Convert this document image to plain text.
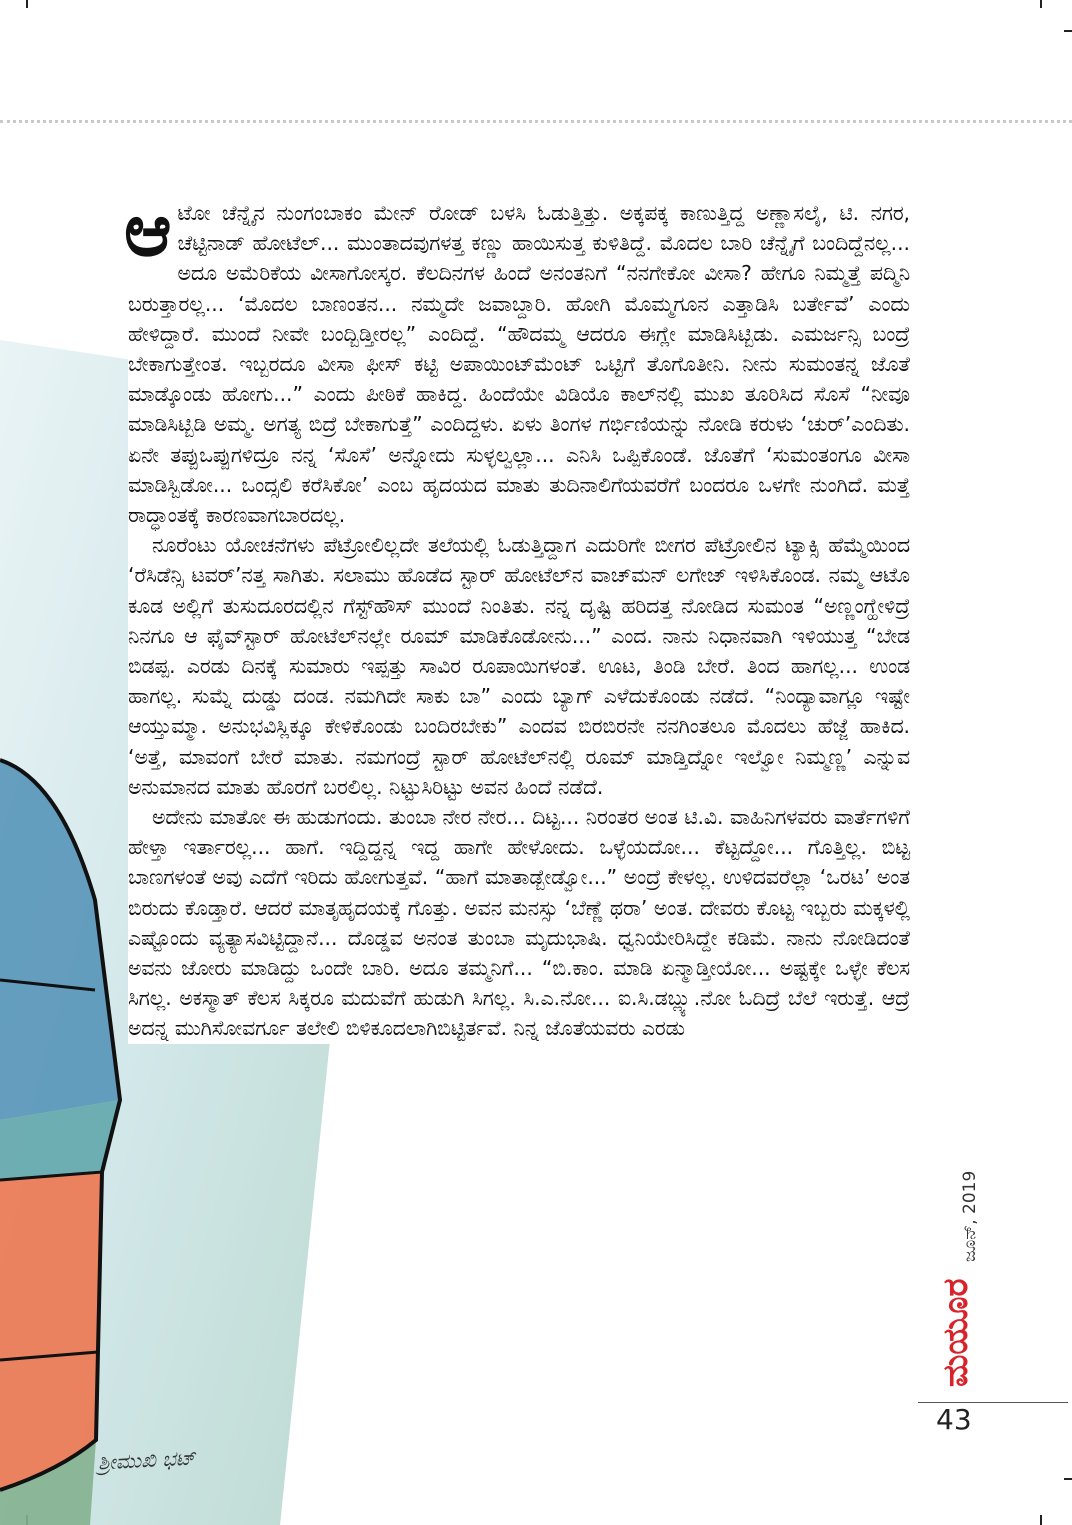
ಶ್ರೀಮುಖಿ ಭಟ್

ಆಟೋ ಚೆನ್ನೈನ ನುಂಗಂಬಾಕಂ ಮೇನ್ ರೋಡ್ ಬಳಸಿ ಓಡುತ್ತಿತ್ತು. ಅಕ್ಕಪಕ್ಕ ಕಾಣುತ್ತಿದ್ದ ಅಣ್ಣಾಸಲೈ, ಟಿ. ನಗರ, ಚೆಟ್ಟಿನಾಡ್ ಹೋಟೆಲ್... ಮುಂತಾದವುಗಳತ್ತ ಕಣ್ಣು ಹಾಯಿಸುತ್ತ ಕುಳಿತಿದ್ದೆ. ಮೊದಲ ಬಾರಿ ಚೆನ್ನೈಗೆ ಬಂದಿದ್ದೆನಲ್ಲ... ಅದೂ ಅಮೆರಿಕೆಯ ವೀಸಾಗೋಸ್ಕರ. ಕೆಲದಿನಗಳ ಹಿಂದೆ ಅನಂತನಿಗೆ “ನನಗೇಕೋ ವೀಸಾ? ಹೇಗೂ ನಿಮ್ಮತ್ತೆ ಪದ್ಮಿನಿ ಬರುತ್ತಾರಲ್ಲ... ‘ಮೊದಲ ಬಾಣಂತನ... ನಮ್ಮದೇ ಜವಾಬ್ದಾರಿ. ಹೋಗಿ ಮೊಮ್ಮಗೂನ ಎತ್ತಾಡಿಸಿ ಬರ್ತೇವೆ’ ಎಂದು ಹೇಳಿದ್ದಾರೆ. ಮುಂದೆ ನೀವೇ ಬಂದ್ಬಿಡ್ತೀರಲ್ಲ” ಎಂದಿದ್ದೆ. “ಹೌದಮ್ಮ ಆದರೂ ಈಗ್ಲೇ ಮಾಡಿಸಿಟ್ಬಿಡು. ಎಮರ್ಜನ್ಸಿ ಬಂದ್ರೆ ಬೇಕಾಗುತ್ತೇಂತ. ಇಬ್ಬರದೂ ವೀಸಾ ಫೀಸ್ ಕಟ್ಟಿ ಅಪಾಯಿಂಟ್‌ಮೆಂಟ್ ಒಟ್ಟಿಗೆ ತೊಗೊತೀನಿ. ನೀನು ಸುಮಂತನ್ನ ಜೊತೆ ಮಾಡ್ಕೊಂಡು ಹೋಗು...” ಎಂದು ಪೀಠಿಕೆ ಹಾಕಿದ್ದ. ಹಿಂದೆಯೇ ವಿಡಿಯೊ ಕಾಲ್‌ನಲ್ಲಿ ಮುಖ ತೂರಿಸಿದ ಸೊಸೆ “ನೀವೂ ಮಾಡಿಸಿಟ್ಬಿಡಿ ಅಮ್ಮ. ಅಗತ್ಯ ಬಿದ್ರೆ ಬೇಕಾಗುತ್ತೆ” ಎಂದಿದ್ದಳು. ಏಳು ತಿಂಗಳ ಗರ್ಭಿಣಿಯನ್ನು ನೋಡಿ ಕರುಳು ‘ಚುರ್’ಎಂದಿತು. ಏನೇ ತಪ್ಪುಒಪ್ಪುಗಳಿದ್ರೂ ನನ್ನ ‘ಸೊಸೆ’ ಅನ್ನೋದು ಸುಳ್ಳಲ್ವಲ್ಲಾ... ಎನಿಸಿ ಒಪ್ಪಿಕೊಂಡೆ. ಜೊತೆಗೆ ‘ಸುಮಂತಂಗೂ ವೀಸಾ ಮಾಡಿಸ್ಬಿಡೋ... ಒಂದ್ಸಲಿ ಕರೆಸಿಕೋ’ ಎಂಬ ಹೃದಯದ ಮಾತು ತುದಿನಾಲಿಗೆಯವರೆಗೆ ಬಂದರೂ ಒಳಗೇ ನುಂಗಿದೆ. ಮತ್ತೆ ರಾದ್ಧಾಂತಕ್ಕೆ ಕಾರಣವಾಗಬಾರದಲ್ಲ.

ನೂರೆಂಟು ಯೋಚನೆಗಳು ಪೆಟ್ರೋಲಿಲ್ಲದೇ ತಲೆಯಲ್ಲಿ ಓಡುತ್ತಿದ್ದಾಗ ಎದುರಿಗೇ ಬೀಗರ ಪೆಟ್ರೋಲಿನ ಟ್ಯಾಕ್ಸಿ ಹೆಮ್ಮೆಯಿಂದ ‘ರೆಸಿಡೆನ್ಸಿ ಟವರ್’ನತ್ತ ಸಾಗಿತು. ಸಲಾಮು ಹೊಡೆದ ಸ್ಟಾರ್ ಹೋಟೆಲ್‌ನ ವಾಚ್‌ಮನ್ ಲಗೇಜ್ ಇಳಿಸಿಕೊಂಡ. ನಮ್ಮ ಆಟೊ ಕೂಡ ಅಲ್ಲಿಗೆ ತುಸುದೂರದಲ್ಲಿನ ಗೆಸ್ಟ್‌ಹೌಸ್ ಮುಂದೆ ನಿಂತಿತು. ನನ್ನ ದೃಷ್ಟಿ ಹರಿದತ್ತ ನೋಡಿದ ಸುಮಂತ “ಅಣ್ಣಂಗ್ಹೇಳಿದ್ರೆ ನಿನಗೂ ಆ ಫೈವ್‌ಸ್ಟಾರ್ ಹೋಟೆಲ್‌ನಲ್ಲೇ ರೂಮ್ ಮಾಡಿಕೊಡೋನು...” ಎಂದ. ನಾನು ನಿಧಾನವಾಗಿ ಇಳಿಯುತ್ತ “ಬೇಡ ಬಿಡಪ್ಪ. ಎರಡು ದಿನಕ್ಕೆ ಸುಮಾರು ಇಪ್ಪತ್ತು ಸಾವಿರ ರೂಪಾಯಿಗಳಂತೆ. ಊಟ, ತಿಂಡಿ ಬೇರೆ. ತಿಂದ ಹಾಗಲ್ಲ... ಉಂಡ ಹಾಗಲ್ಲ. ಸುಮ್ನೆ ದುಡ್ಡು ದಂಡ. ನಮಗಿದೇ ಸಾಕು ಬಾ” ಎಂದು ಬ್ಯಾಗ್ ಎಳೆದುಕೊಂಡು ನಡೆದೆ. “ನಿಂದ್ಯಾವಾಗ್ಲೂ ಇಷ್ಟೇ ಆಯ್ತುಮ್ಮಾ. ಅನುಭವಿಸ್ಲಿಕ್ಕೂ ಕೇಳಿಕೊಂಡು ಬಂದಿರಬೇಕು” ಎಂದವ ಬಿರಬಿರನೇ ನನಗಿಂತಲೂ ಮೊದಲು ಹೆಜ್ಜೆ ಹಾಕಿದ. ‘ಅತ್ತೆ, ಮಾವಂಗೆ ಬೇರೆ ಮಾತು. ನಮಗಂದ್ರೆ ಸ್ಟಾರ್ ಹೋಟೆಲ್‌ನಲ್ಲಿ ರೂಮ್ ಮಾಡ್ತಿದ್ನೋ ಇಲ್ವೋ ನಿಮ್ಮಣ್ಣ’ ಎನ್ನುವ ಅನುಮಾನದ ಮಾತು ಹೊರಗೆ ಬರಲಿಲ್ಲ. ನಿಟ್ಟುಸಿರಿಟ್ಟು ಅವನ ಹಿಂದೆ ನಡೆದೆ.

ಅದೇನು ಮಾತೋ ಈ ಹುಡುಗಂದು. ತುಂಬಾ ನೇರ ನೇರ... ದಿಟ್ಟ... ನಿರಂತರ ಅಂತ ಟಿ.ವಿ. ವಾಹಿನಿಗಳವರು ವಾರ್ತೆಗಳಿಗೆ ಹೇಳ್ತಾ ಇರ್ತಾರಲ್ಲ... ಹಾಗೆ. ಇದ್ದಿದ್ದನ್ನ ಇದ್ದ ಹಾಗೇ ಹೇಳೋದು. ಒಳ್ಳೆಯದೋ... ಕೆಟ್ಟದ್ದೋ... ಗೊತ್ತಿಲ್ಲ. ಬಿಟ್ಟ ಬಾಣಗಳಂತೆ ಅವು ಎದೆಗೆ ಇರಿದು ಹೋಗುತ್ತವೆ. “ಹಾಗೆ ಮಾತಾಡ್ಬೇಡ್ವೋ...” ಅಂದ್ರೆ ಕೇಳಲ್ಲ. ಉಳಿದವರೆಲ್ಲಾ ‘ಒರಟ’ ಅಂತ ಬಿರುದು ಕೊಡ್ತಾರೆ. ಆದರೆ ಮಾತೃಹೃದಯಕ್ಕೆ ಗೊತ್ತು. ಅವನ ಮನಸ್ಸು ‘ಬೆಣ್ಣೆ ಥರಾ’ ಅಂತ. ದೇವರು ಕೊಟ್ಟ ಇಬ್ಬರು ಮಕ್ಕಳಲ್ಲಿ ಎಷ್ಟೊಂದು ವ್ಯತ್ಯಾಸವಿಟ್ಟಿದ್ದಾನೆ... ದೊಡ್ಡವ ಅನಂತ ತುಂಬಾ ಮೃದುಭಾಷಿ. ಧ್ವನಿಯೇರಿಸಿದ್ದೇ ಕಡಿಮೆ. ನಾನು ನೋಡಿದಂತೆ ಅವನು ಜೋರು ಮಾಡಿದ್ದು ಒಂದೇ ಬಾರಿ. ಅದೂ ತಮ್ಮನಿಗೆ... “ಬಿ.ಕಾಂ. ಮಾಡಿ ಏನ್ಮಾಡ್ತೀಯೋ... ಅಷ್ಟಕ್ಕೇ ಒಳ್ಳೇ ಕೆಲಸ ಸಿಗಲ್ಲ. ಅಕಸ್ಮಾತ್ ಕೆಲಸ ಸಿಕ್ಕರೂ ಮದುವೆಗೆ ಹುಡುಗಿ ಸಿಗಲ್ಲ. ಸಿ.ಎ.ನೋ... ಐ.ಸಿ.ಡಬ್ಲ್ಯು.ನೋ ಓದಿದ್ರೆ ಬೆಲೆ ಇರುತ್ತೆ. ಆದ್ರೆ ಅದನ್ನ ಮುಗಿಸೋವರ್ಗೂ ತಲೇಲಿ ಬಿಳಿಕೂದಲಾಗಿಬಿಟ್ಟಿರ್ತವೆ. ನಿನ್ನ ಜೊತೆಯವರು ಎರಡು

ಜೂನ್, 2019
ಮಯೂರ
43
